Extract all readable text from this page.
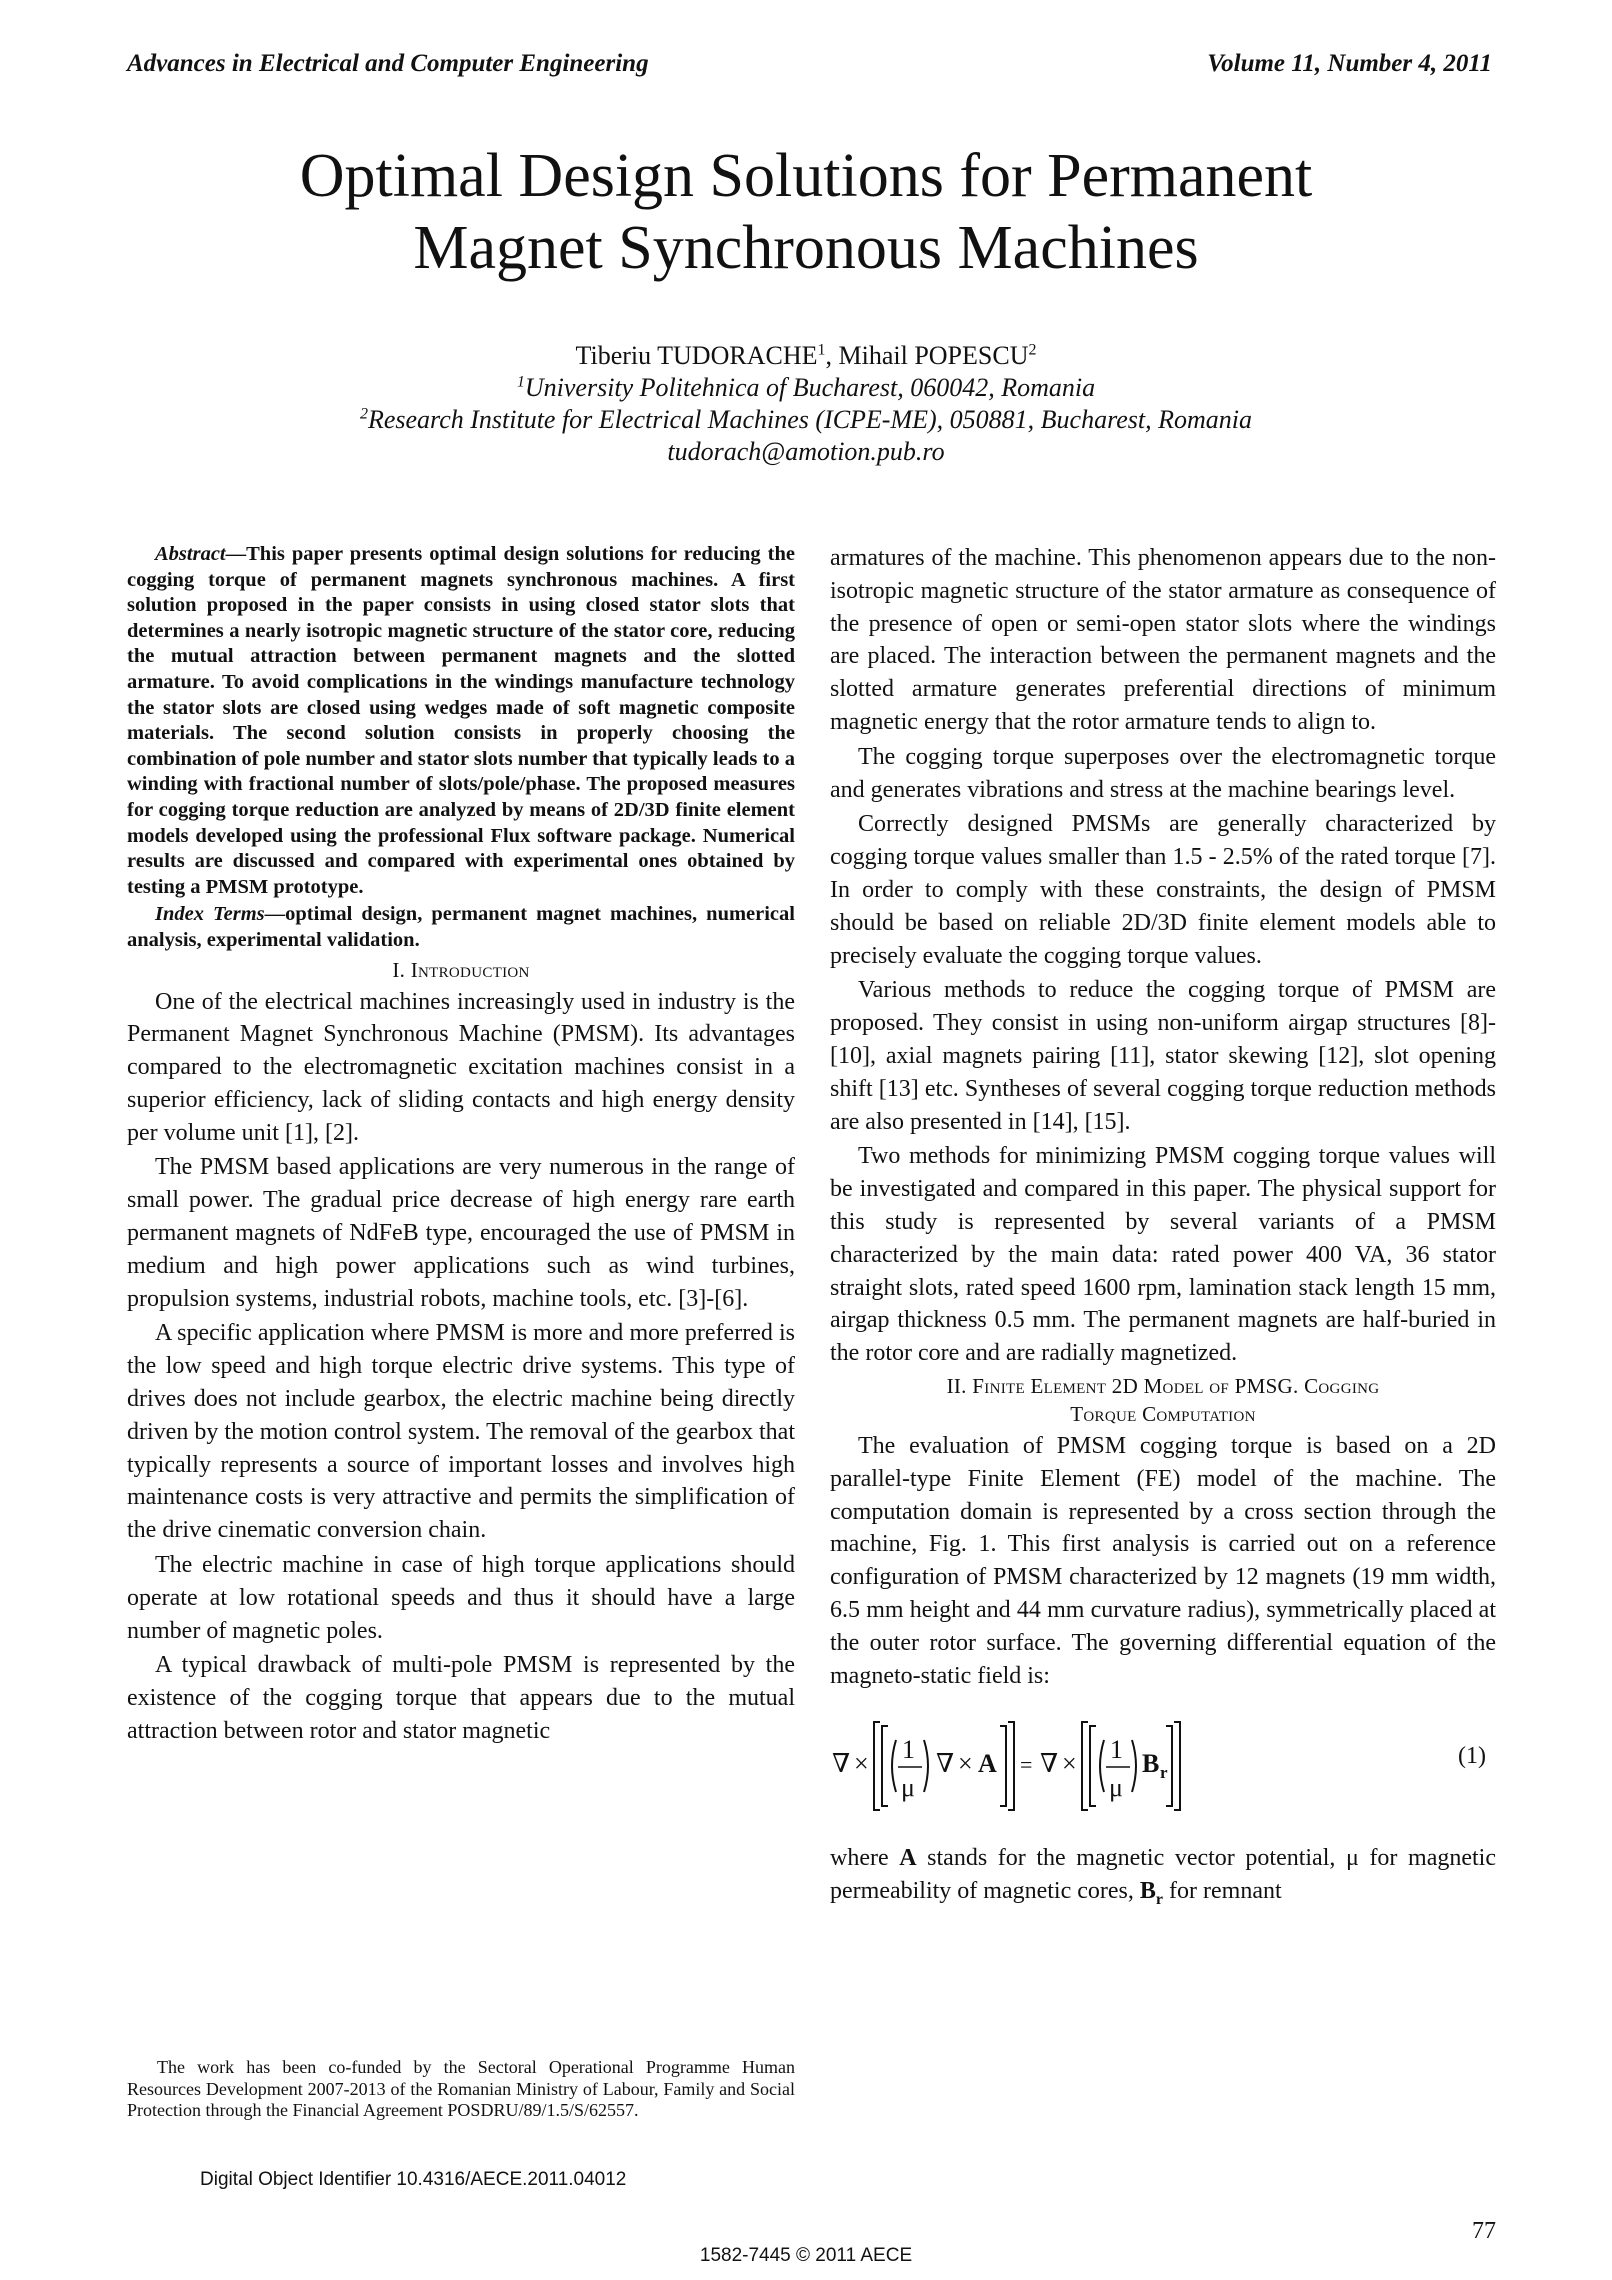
Advances in Electrical and Computer Engineering	Volume 11, Number 4, 2011
Optimal Design Solutions for Permanent
Magnet Synchronous Machines
Tiberiu TUDORACHE$^1$, Mihail POPESCU$^2$
$^1$University Politehnica of Bucharest, 060042, Romania
$^2$Research Institute for Electrical Machines (ICPE-ME), 050881, Bucharest, Romania
tudorach@amotion.pub.ro

Abstract—This paper presents optimal design solutions for reducing the cogging torque of permanent magnets synchronous machines. A first solution proposed in the paper consists in using closed stator slots that determines a nearly isotropic magnetic structure of the stator core, reducing the mutual attraction between permanent magnets and the slotted armature. To avoid complications in the windings manufacture technology the stator slots are closed using wedges made of soft magnetic composite materials. The second solution consists in properly choosing the combination of pole number and stator slots number that typically leads to a winding with fractional number of slots/pole/phase. The proposed measures for cogging torque reduction are analyzed by means of 2D/3D finite element models developed using the professional Flux software package. Numerical results are discussed and compared with experimental ones obtained by testing a PMSM prototype.

Index Terms—optimal design, permanent magnet machines, numerical analysis, experimental validation.

I. Introduction

One of the electrical machines increasingly used in industry is the Permanent Magnet Synchronous Machine (PMSM). Its advantages compared to the electromagnetic excitation machines consist in a superior efficiency, lack of sliding contacts and high energy density per volume unit [1], [2].

The PMSM based applications are very numerous in the range of small power. The gradual price decrease of high energy rare earth permanent magnets of NdFeB type, encouraged the use of PMSM in medium and high power applications such as wind turbines, propulsion systems, industrial robots, machine tools, etc. [3]-[6].

A specific application where PMSM is more and more preferred is the low speed and high torque electric drive systems. This type of drives does not include gearbox, the electric machine being directly driven by the motion control system. The removal of the gearbox that typically represents a source of important losses and involves high maintenance costs is very attractive and permits the simplification of the drive cinematic conversion chain.

The electric machine in case of high torque applications should operate at low rotational speeds and thus it should have a large number of magnetic poles.

A typical drawback of multi-pole PMSM is represented by the existence of the cogging torque that appears due to the mutual attraction between rotor and stator magnetic

armatures of the machine. This phenomenon appears due to the non-isotropic magnetic structure of the stator armature as consequence of the presence of open or semi-open stator slots where the windings are placed. The interaction between the permanent magnets and the slotted armature generates preferential directions of minimum magnetic energy that the rotor armature tends to align to.

The cogging torque superposes over the electromagnetic torque and generates vibrations and stress at the machine bearings level.

Correctly designed PMSMs are generally characterized by cogging torque values smaller than 1.5 - 2.5% of the rated torque [7]. In order to comply with these constraints, the design of PMSM should be based on reliable 2D/3D finite element models able to precisely evaluate the cogging torque values.

Various methods to reduce the cogging torque of PMSM are proposed. They consist in using non-uniform airgap structures [8]-[10], axial magnets pairing [11], stator skewing [12], slot opening shift [13] etc. Syntheses of several cogging torque reduction methods are also presented in [14], [15].

Two methods for minimizing PMSM cogging torque values will be investigated and compared in this paper. The physical support for this study is represented by several variants of a PMSM characterized by the main data: rated power 400 VA, 36 stator straight slots, rated speed 1600 rpm, lamination stack length 15 mm, airgap thickness 0.5 mm. The permanent magnets are half-buried in the rotor core and are radially magnetized.

II. Finite Element 2D Model of PMSG. Cogging
Torque Computation

The evaluation of PMSM cogging torque is based on a 2D parallel-type Finite Element (FE) model of the machine. The computation domain is represented by a cross section through the machine, Fig. 1. This first analysis is carried out on a reference configuration of PMSM characterized by 12 magnets (19 mm width, 6.5 mm height and 44 mm curvature radius), symmetrically placed at the outer rotor surface. The governing differential equation of the magneto-static field is:

∇ × 1
μ
∇ × A = ∇ × 1
μ
B r
(1)

where A stands for the magnetic vector potential, μ for magnetic permeability of magnetic cores, $B_r$ for remnant

The work has been co-funded by the Sectoral Operational Programme Human Resources Development 2007-2013 of the Romanian Ministry of Labour, Family and Social Protection through the Financial Agreement POSDRU/89/1.5/S/62557.

Digital Object Identifier 10.4316/AECE.2011.04012
77
1582-7445 © 2011 AECE
